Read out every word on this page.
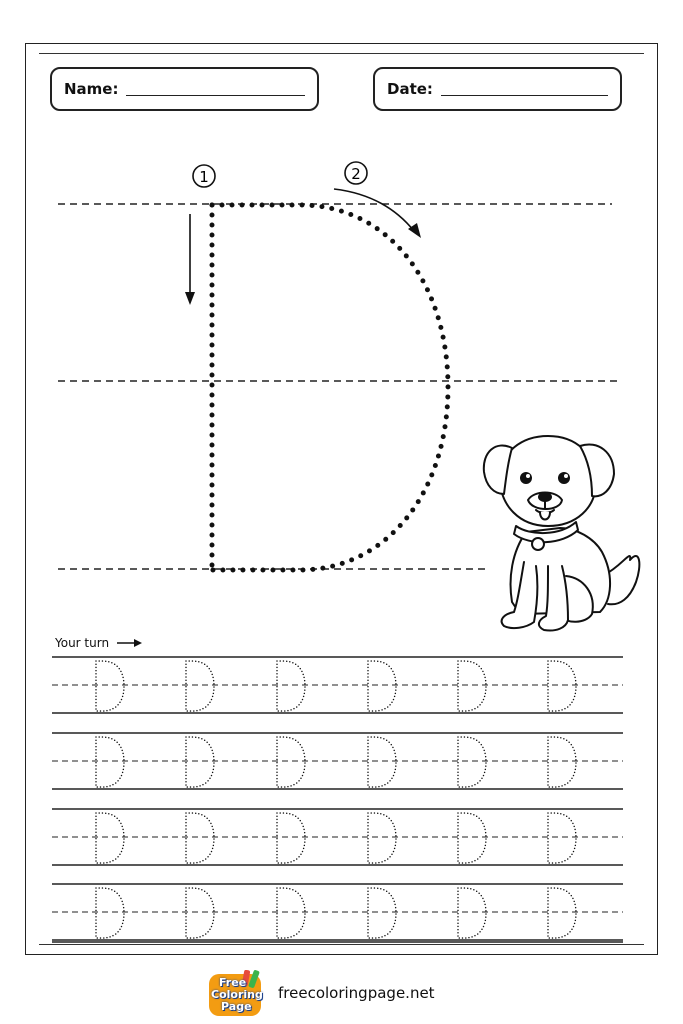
Name:	Date:
Your turn
1	2
Free
Coloring
Page
freecoloringpage.net
